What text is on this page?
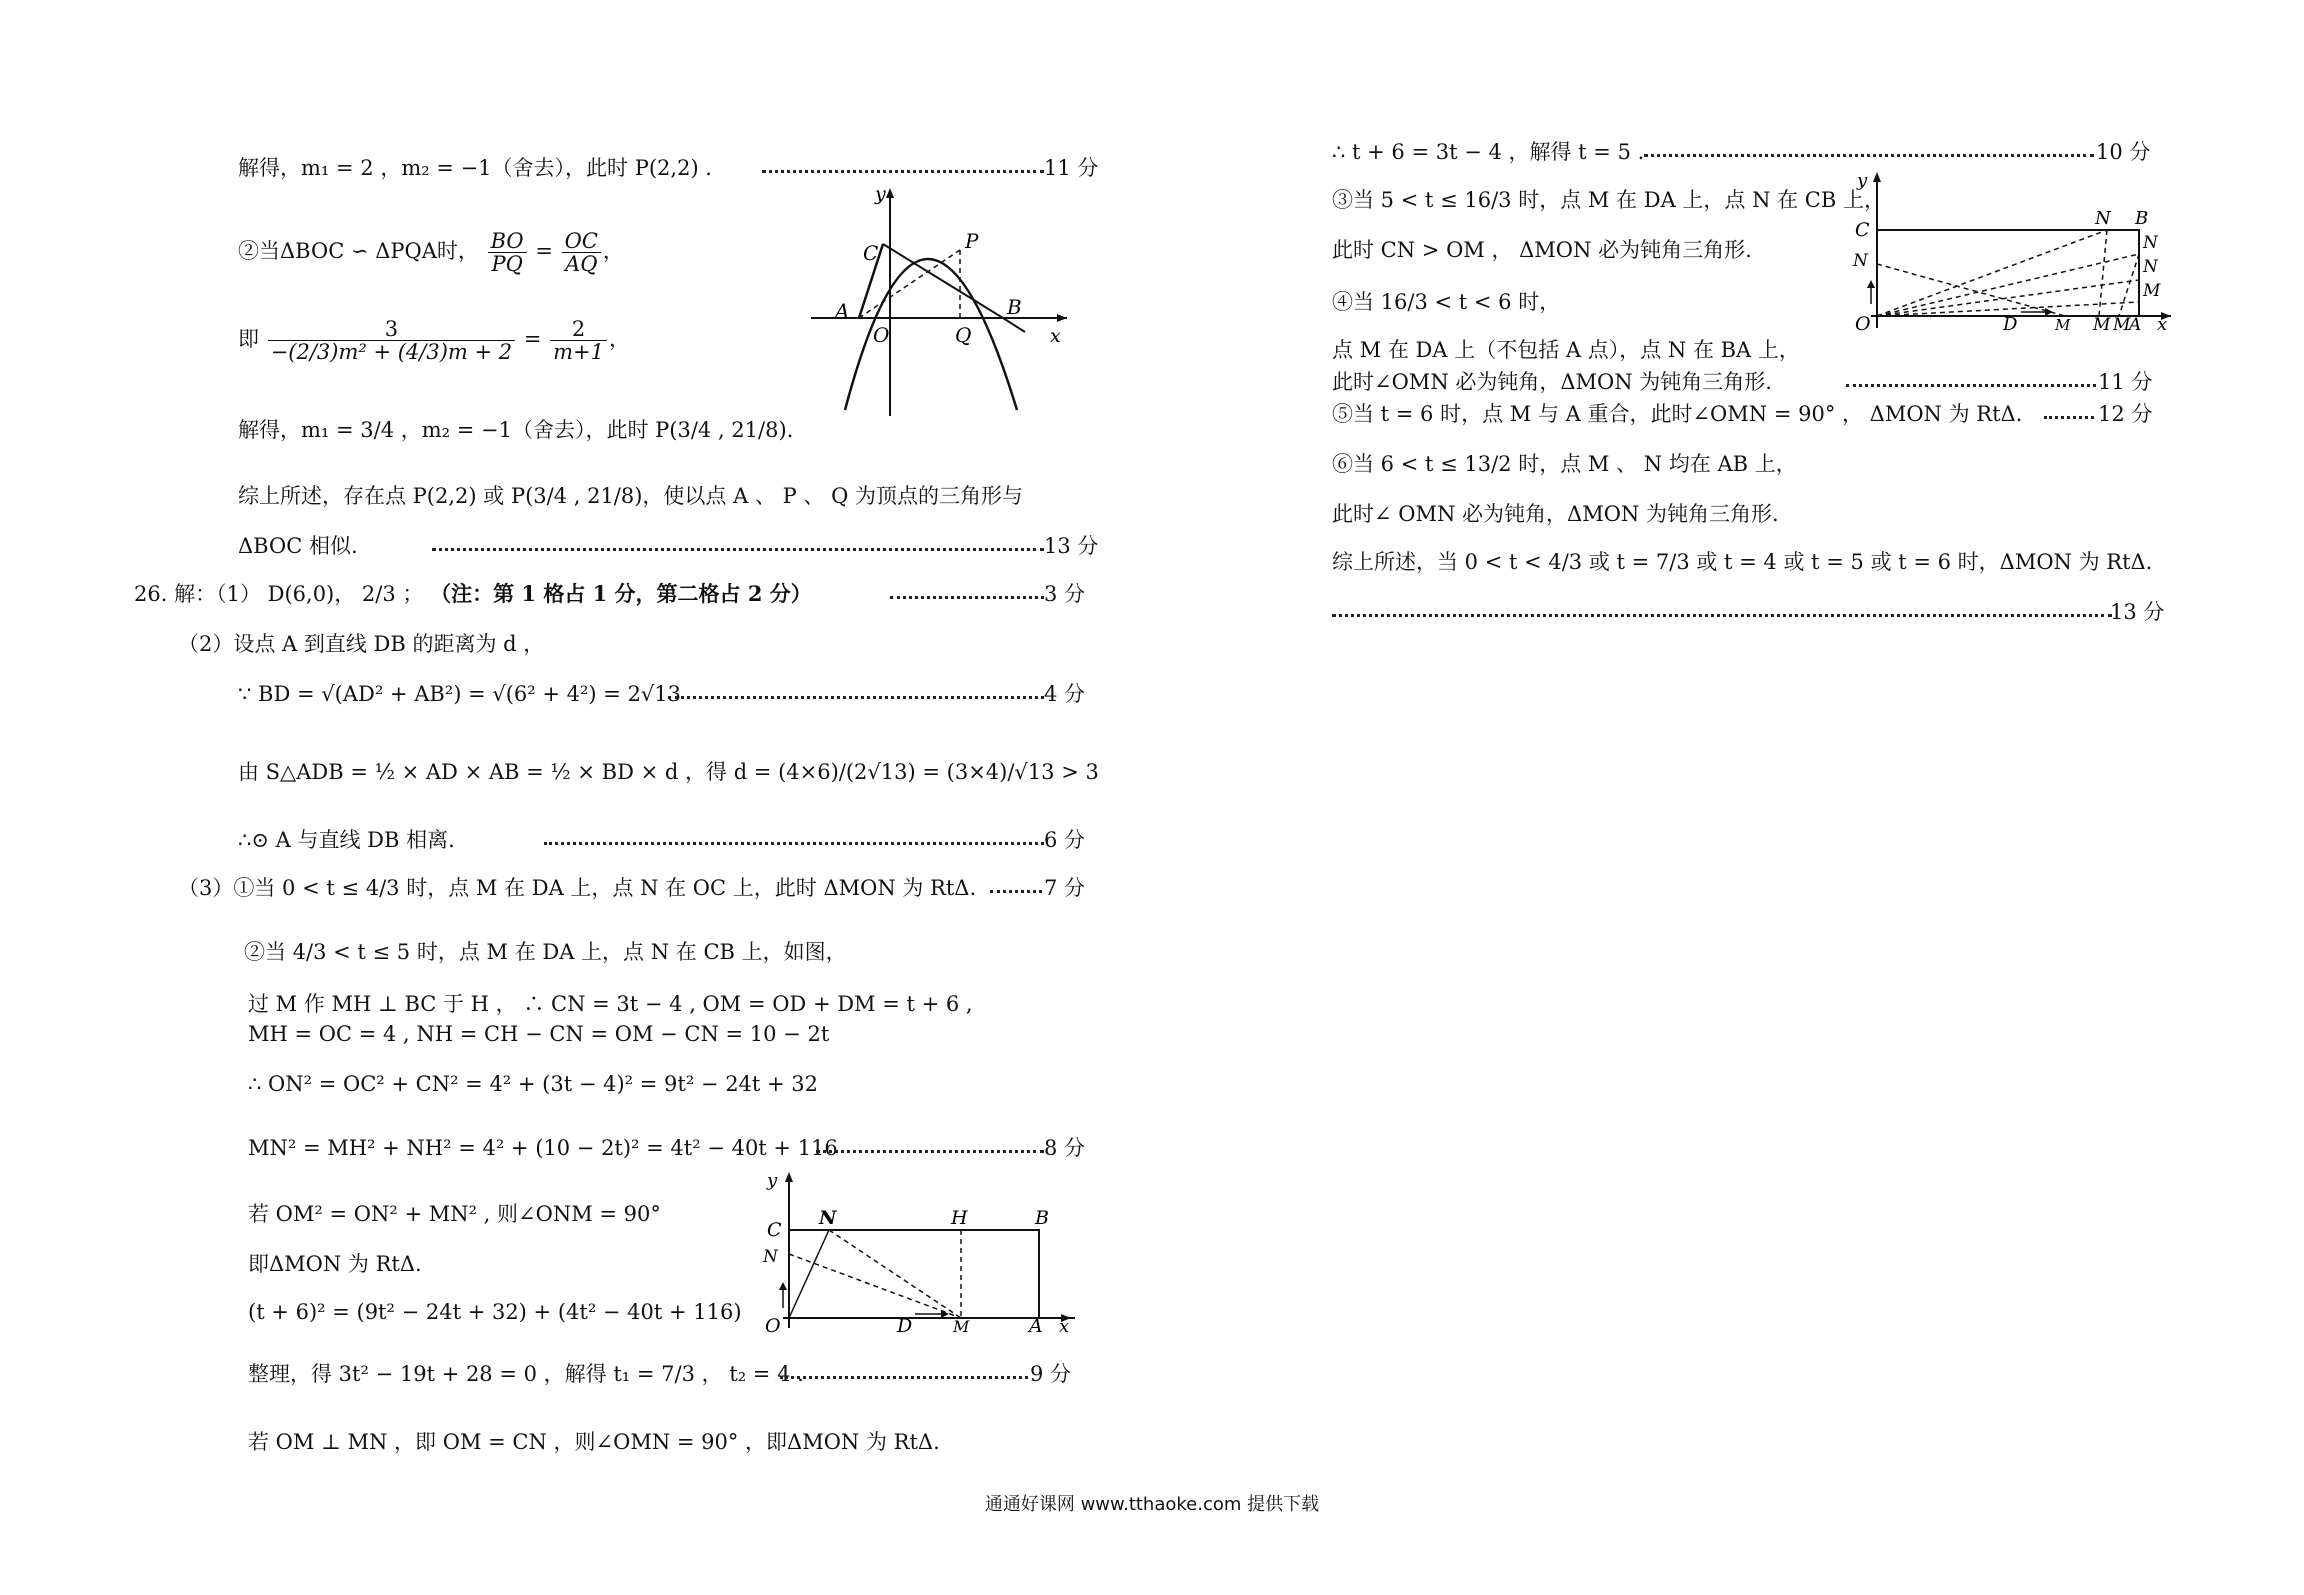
解得，m₁ = 2 ，m₂ = −1（舍去），此时 P(2,2) .	11 分
②当ΔBOC ∽ ΔPQA时， $\frac{BO}{PQ} = \frac{OC}{AQ}$ ，
即 $\frac{3}{\text{−(2/3)m² + (4/3)m + 2}} = \frac{2}{m+1}$ ，
解得，m₁ = 3/4 ，m₂ = −1（舍去），此时 P(3/4 , 21/8).
综上所述，存在点 P(2,2) 或 P(3/4 , 21/8)，使以点 A 、 P 、 Q 为顶点的三角形与
ΔBOC 相似.	13 分
26. 解：（1） D(6,0)， 2/3 ； （注：第 1 格占 1 分，第二格占 2 分）	3 分
（2）设点 A 到直线 DB 的距离为 d ，
∵ BD = √(AD² + AB²) = √(6² + 4²) = 2√13	4 分
由 S△ADB = ½ × AD × AB = ½ × BD × d ，得 d = (4×6)/(2√13) = (3×4)/√13 > 3
∴⊙ A 与直线 DB 相离.	6 分
（3）①当 0 < t ≤ 4/3 时，点 M 在 DA 上，点 N 在 OC 上，此时 ΔMON 为 RtΔ.	7 分
②当 4/3 < t ≤ 5 时，点 M 在 DA 上，点 N 在 CB 上，如图，
过 M 作 MH ⊥ BC 于 H ， ∴ CN = 3t − 4 , OM = OD + DM = t + 6 ,
MH = OC = 4 , NH = CH − CN = OM − CN = 10 − 2t
∴ ON² = OC² + CN² = 4² + (3t − 4)² = 9t² − 24t + 32
MN² = MH² + NH² = 4² + (10 − 2t)² = 4t² − 40t + 116	8 分
若 OM² = ON² + MN² , 则∠ONM = 90°
即ΔMON 为 RtΔ.
(t + 6)² = (9t² − 24t + 32) + (4t² − 40t + 116)
整理，得 3t² − 19t + 28 = 0 ，解得 t₁ = 7/3 ， t₂ = 4 .	9 分
若 OM ⊥ MN ，即 OM = CN ，则∠OMN = 90° ，即ΔMON 为 RtΔ.
y
x
C	P
A
O	Q
B
y
x
C
N
N
H	B
O	D	M	A
∴ t + 6 = 3t − 4 ，解得 t = 5 .	10 分
③当 5 < t ≤ 16/3 时，点 M 在 DA 上，点 N 在 CB 上，
此时 CN > OM ， ΔMON 必为钝角三角形.
④当 16/3 < t < 6 时，
点 M 在 DA 上（不包括 A 点），点 N 在 BA 上，
此时∠OMN 必为钝角，ΔMON 为钝角三角形.	11 分
⑤当 t = 6 时，点 M 与 A 重合，此时∠OMN = 90° ， ΔMON 为 RtΔ.	12 分
⑥当 6 < t ≤ 13/2 时，点 M 、 N 均在 AB 上，
此时∠ OMN 必为钝角，ΔMON 为钝角三角形.
综上所述，当 0 < t < 4/3 或 t = 7/3 或 t = 4 或 t = 5 或 t = 6 时，ΔMON 为 RtΔ.
13 分
y
x
C
N
N B
N
N
M
O	D	M M M
A
通通好课网 www.tthaoke.com 提供下载
